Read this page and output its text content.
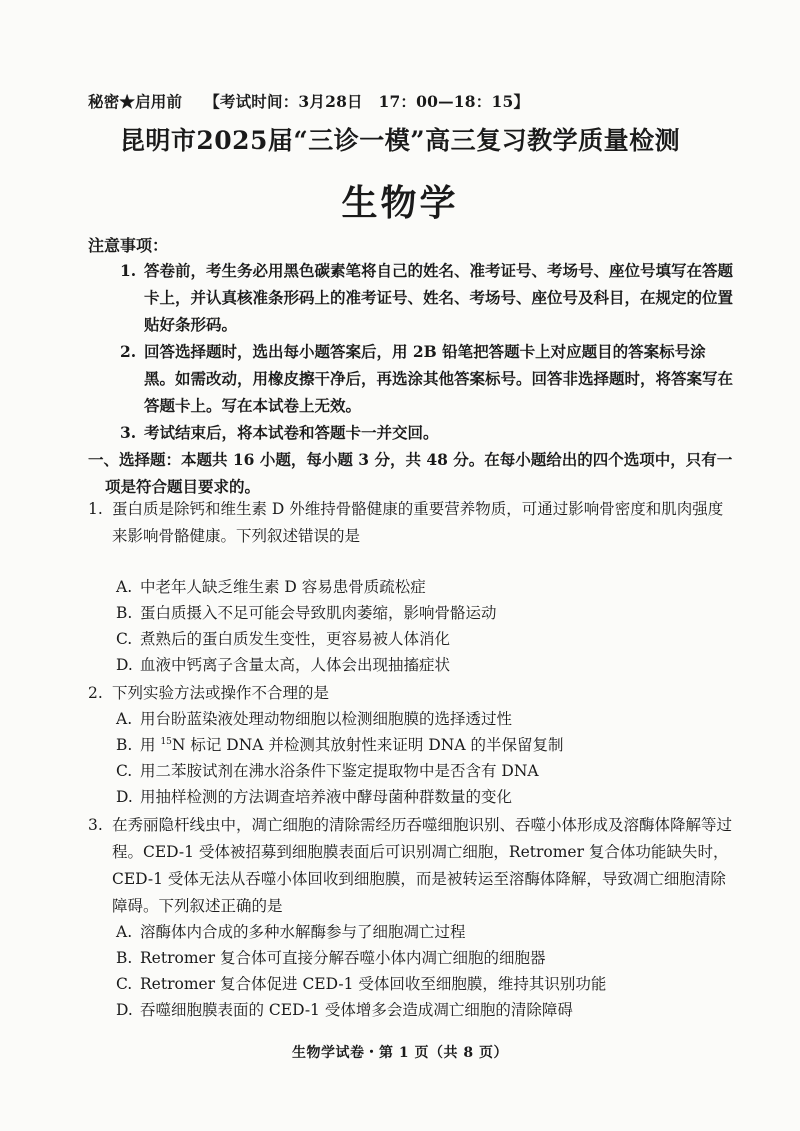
秘密★启用前 【考试时间：3月28日　17：00—18：15】
昆明市2025届“三诊一模”高三复习教学质量检测
生物学
注意事项：
1. 答卷前，考生务必用黑色碳素笔将自己的姓名、准考证号、考场号、座位号填写在答题卡上，并认真核准条形码上的准考证号、姓名、考场号、座位号及科目，在规定的位置贴好条形码。
2. 回答选择题时，选出每小题答案后，用 2B 铅笔把答题卡上对应题目的答案标号涂黑。如需改动，用橡皮擦干净后，再选涂其他答案标号。回答非选择题时，将答案写在答题卡上。写在本试卷上无效。
3. 考试结束后，将本试卷和答题卡一并交回。
一、选择题：本题共 16 小题，每小题 3 分，共 48 分。在每小题给出的四个选项中，只有一
项是符合题目要求的。
1. 蛋白质是除钙和维生素 D 外维持骨骼健康的重要营养物质，可通过影响骨密度和肌肉强度来影响骨骼健康。下列叙述错误的是
A. 中老年人缺乏维生素 D 容易患骨质疏松症
B. 蛋白质摄入不足可能会导致肌肉萎缩，影响骨骼运动
C. 煮熟后的蛋白质发生变性，更容易被人体消化
D. 血液中钙离子含量太高，人体会出现抽搐症状
2. 下列实验方法或操作不合理的是
A. 用台盼蓝染液处理动物细胞以检测细胞膜的选择透过性
B. 用 $^{15}$N 标记 DNA 并检测其放射性来证明 DNA 的半保留复制
C. 用二苯胺试剂在沸水浴条件下鉴定提取物中是否含有 DNA
D. 用抽样检测的方法调查培养液中酵母菌种群数量的变化
3. 在秀丽隐杆线虫中，凋亡细胞的清除需经历吞噬细胞识别、吞噬小体形成及溶酶体降解等过程。CED-1 受体被招募到细胞膜表面后可识别凋亡细胞，Retromer 复合体功能缺失时，CED-1 受体无法从吞噬小体回收到细胞膜，而是被转运至溶酶体降解，导致凋亡细胞清除障碍。下列叙述正确的是
A. 溶酶体内合成的多种水解酶参与了细胞凋亡过程
B. Retromer 复合体可直接分解吞噬小体内凋亡细胞的细胞器
C. Retromer 复合体促进 CED-1 受体回收至细胞膜，维持其识别功能
D. 吞噬细胞膜表面的 CED-1 受体增多会造成凋亡细胞的清除障碍
生物学试卷・第 1 页（共 8 页）
